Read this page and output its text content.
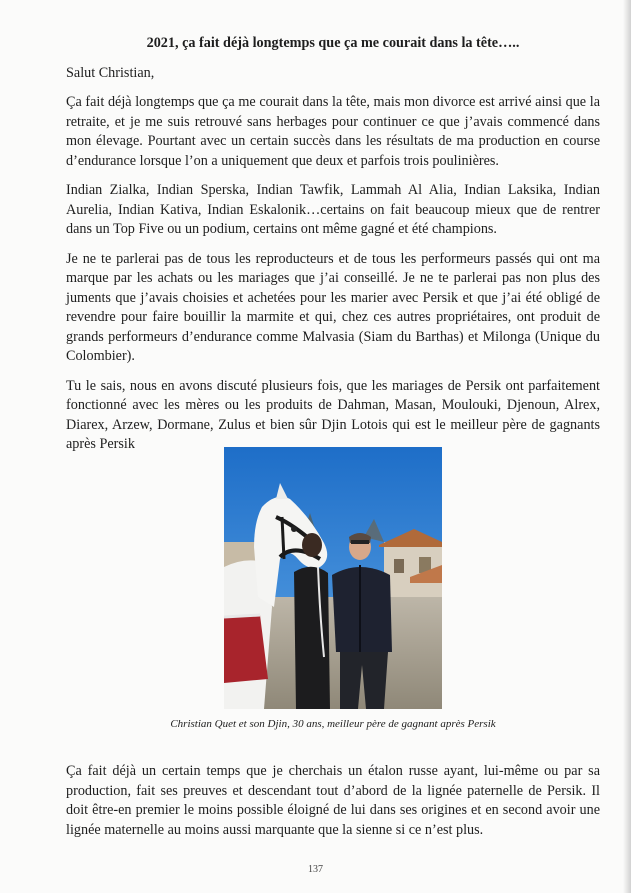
2021, ça fait déjà longtemps que ça me courait dans la tête…..

Salut Christian,

Ça fait déjà longtemps que ça me courait dans la tête, mais mon divorce est arrivé ainsi que la retraite, et je me suis retrouvé sans herbages pour continuer ce que j’avais commencé dans mon élevage. Pourtant avec un certain succès dans les résultats de ma production en course d’endurance lorsque l’on a uniquement que deux et parfois trois poulinières.

Indian Zialka, Indian Sperska, Indian Tawfik, Lammah Al Alia, Indian Laksika, Indian Aurelia, Indian Kativa, Indian Eskalonik…certains on fait beaucoup mieux que de rentrer dans un Top Five ou un podium, certains ont même gagné et été champions.

Je ne te parlerai pas de tous les reproducteurs et de tous les performeurs passés qui ont ma marque par les achats ou les mariages que j’ai conseillé. Je ne te parlerai pas non plus des juments que j’avais choisies et achetées pour les marier avec Persik et que j’ai été obligé de revendre pour faire bouillir la marmite et qui, chez ces autres propriétaires, ont produit de grands performeurs d’endurance comme Malvasia (Siam du Barthas) et Milonga (Unique du Colombier).

Tu le sais, nous en avons discuté plusieurs fois, que les mariages de Persik ont parfaitement fonctionné avec les mères ou les produits de Dahman, Masan, Moulouki, Djenoun, Alrex, Diarex, Arzew, Dormane, Zulus et bien sûr Djin Lotois qui est le meilleur père de gagnants après Persik

Christian Quet et son Djin, 30 ans, meilleur père de gagnant après Persik

Ça fait déjà un certain temps que je cherchais un étalon russe ayant, lui-même ou par sa production, fait ses preuves et descendant tout d’abord de la lignée paternelle de Persik. Il doit être-en premier le moins possible éloigné de lui dans ses origines et en second avoir une lignée maternelle au moins aussi marquante que la sienne si ce n’est plus.

137
